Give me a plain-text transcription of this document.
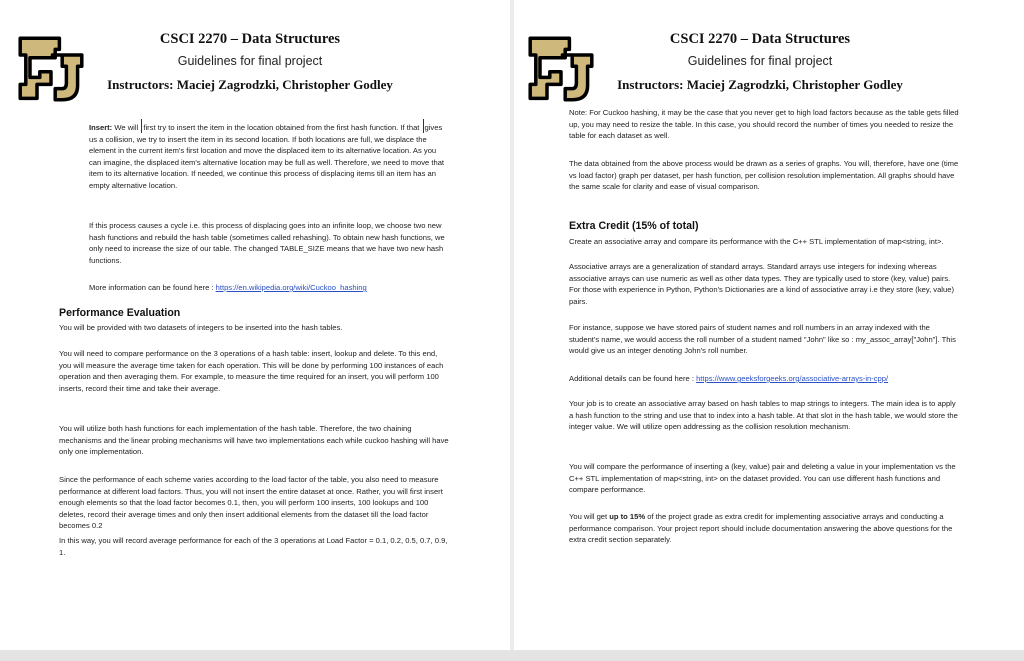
CSCI 2270 – Data Structures
Guidelines for final project
Instructors: Maciej Zagrodzki, Christopher Godley

Insert: We will first try to insert the item in the location obtained from the first hash function. If that gives us a collision, we try to insert the item in its second location. If both locations are full, we displace the element in the current item's first location and move the displaced item to its alternative location. As you can imagine, the displaced item's alternative location may be full as well. Therefore, we need to move that item to its alternative location. If needed, we continue this process of displacing items till an item has an empty alternative location.

If this process causes a cycle i.e. this process of displacing goes into an infinite loop, we choose two new hash functions and rebuild the hash table (sometimes called rehashing). To obtain new hash functions, we only need to increase the size of our table. The changed TABLE_SIZE means that we have two new hash functions.

More information can be found here : https://en.wikipedia.org/wiki/Cuckoo_hashing

Performance Evaluation

You will be provided with two datasets of integers to be inserted into the hash tables.

You will need to compare performance on the 3 operations of a hash table: insert, lookup and delete. To this end, you will measure the average time taken for each operation. This will be done by performing 100 instances of each operation and then averaging them. For example, to measure the time required for an insert, you will perform 100 inserts, record their time and take their average.

You will utilize both hash functions for each implementation of the hash table. Therefore, the two chaining mechanisms and the linear probing mechanisms will have two implementations each while cuckoo hashing will have only one implementation.

Since the performance of each scheme varies according to the load factor of the table, you also need to measure performance at different load factors. Thus, you will not insert the entire dataset at once. Rather, you will first insert enough elements so that the load factor becomes 0.1, then, you will perform 100 inserts, 100 lookups and 100 deletes, record their average times and only then insert additional elements from the dataset till the load factor becomes 0.2

In this way, you will record average performance for each of the 3 operations at Load Factor = 0.1, 0.2, 0.5, 0.7, 0.9, 1.

CSCI 2270 – Data Structures
Guidelines for final project
Instructors: Maciej Zagrodzki, Christopher Godley

Note: For Cuckoo hashing, it may be the case that you never get to high load factors because as the table gets filled up, you may need to resize the table. In this case, you should record the number of times you needed to resize the table for each dataset as well.

The data obtained from the above process would be drawn as a series of graphs. You will, therefore, have one (time vs load factor) graph per dataset, per hash function, per collision resolution implementation. All graphs should have the same scale for clarity and ease of visual comparison.

Extra Credit (15% of total)

Create an associative array and compare its performance with the C++ STL implementation of map<string, int>.

Associative arrays are a generalization of standard arrays. Standard arrays use integers for indexing whereas associative arrays can use numeric as well as other data types. They are typically used to store (key, value) pairs. For those with experience in Python, Python's Dictionaries are a kind of associative array i.e they store (key, value) pairs.

For instance, suppose we have stored pairs of student names and roll numbers in an array indexed with the student's name, we would access the roll number of a student named "John" like so : my_assoc_array["John"]. This would give us an integer denoting John's roll number.

Additional details can be found here : https://www.geeksforgeeks.org/associative-arrays-in-cpp/

Your job is to create an associative array based on hash tables to map strings to integers. The main idea is to apply a hash function to the string and use that to index into a hash table. At that slot in the hash table, we would store the integer value. We will utilize open addressing as the collision resolution mechanism.

You will compare the performance of inserting a (key, value) pair and deleting a value in your implementation vs the C++ STL implementation of map<string, int> on the dataset provided. You can use different hash functions and compare performance.

You will get up to 15% of the project grade as extra credit for implementing associative arrays and conducting a performance comparison. Your project report should include documentation answering the above questions for the extra credit section separately.
